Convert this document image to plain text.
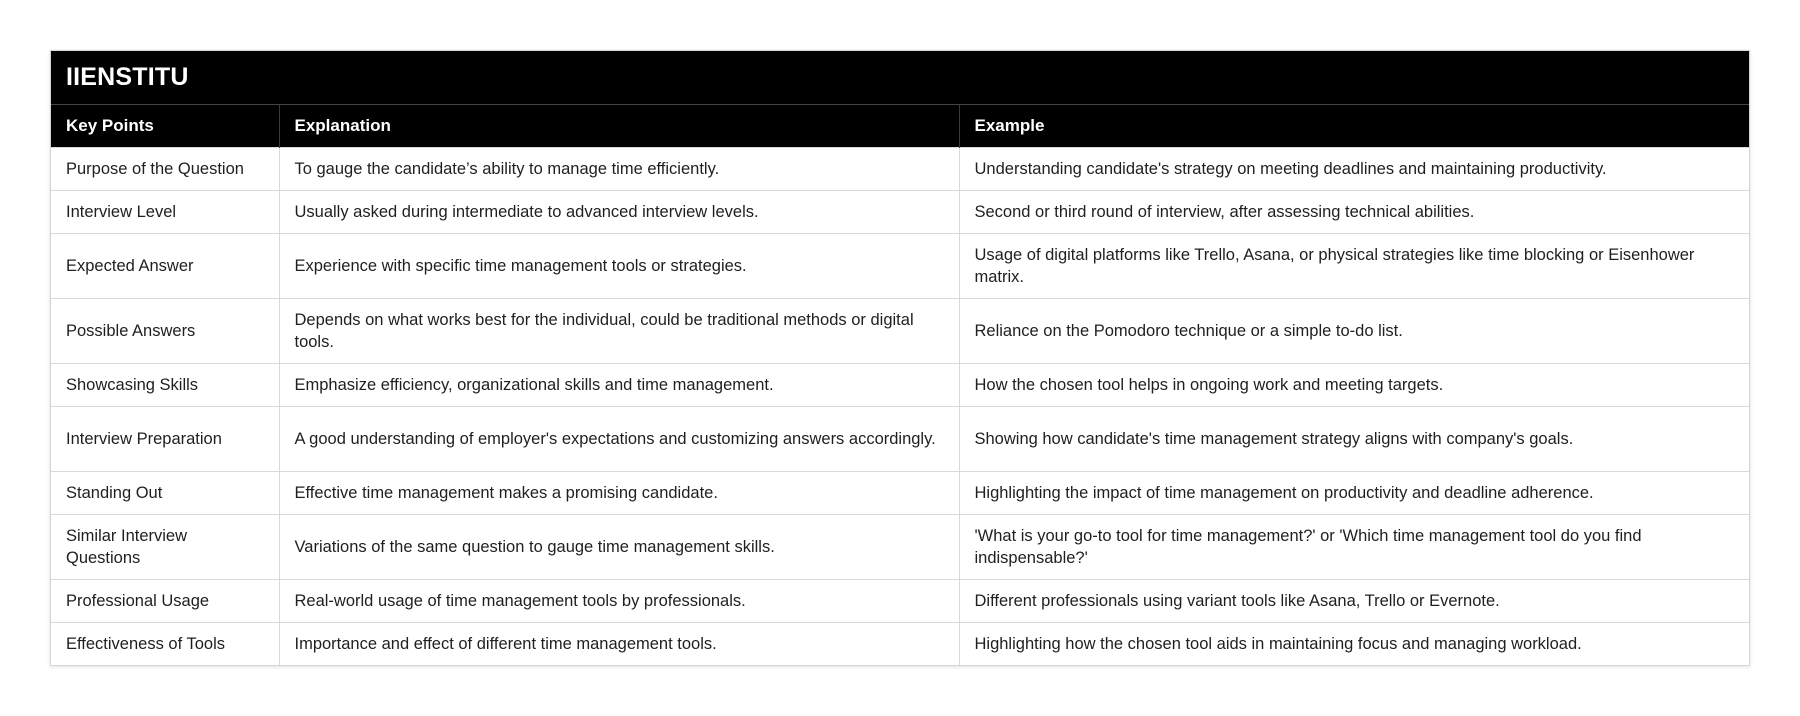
IIENSTITU
Key Points	Explanation	Example
Purpose of the Question	To gauge the candidate’s ability to manage time efficiently.	Understanding candidate's strategy on meeting deadlines and maintaining productivity.
Interview Level	Usually asked during intermediate to advanced interview levels.	Second or third round of interview, after assessing technical abilities.
Expected Answer	Experience with specific time management tools or strategies.	Usage of digital platforms like Trello, Asana, or physical strategies like time blocking or Eisenhower matrix.
Possible Answers	Depends on what works best for the individual, could be traditional methods or digital tools.	Reliance on the Pomodoro technique or a simple to-do list.
Showcasing Skills	Emphasize efficiency, organizational skills and time management.	How the chosen tool helps in ongoing work and meeting targets.
Interview Preparation	A good understanding of employer's expectations and customizing answers accordingly.	Showing how candidate's time management strategy aligns with company's goals.
Standing Out	Effective time management makes a promising candidate.	Highlighting the impact of time management on productivity and deadline adherence.
Similar Interview Questions	Variations of the same question to gauge time management skills.	'What is your go-to tool for time management?' or 'Which time management tool do you find indispensable?'
Professional Usage	Real-world usage of time management tools by professionals.	Different professionals using variant tools like Asana, Trello or Evernote.
Effectiveness of Tools	Importance and effect of different time management tools.	Highlighting how the chosen tool aids in maintaining focus and managing workload.
